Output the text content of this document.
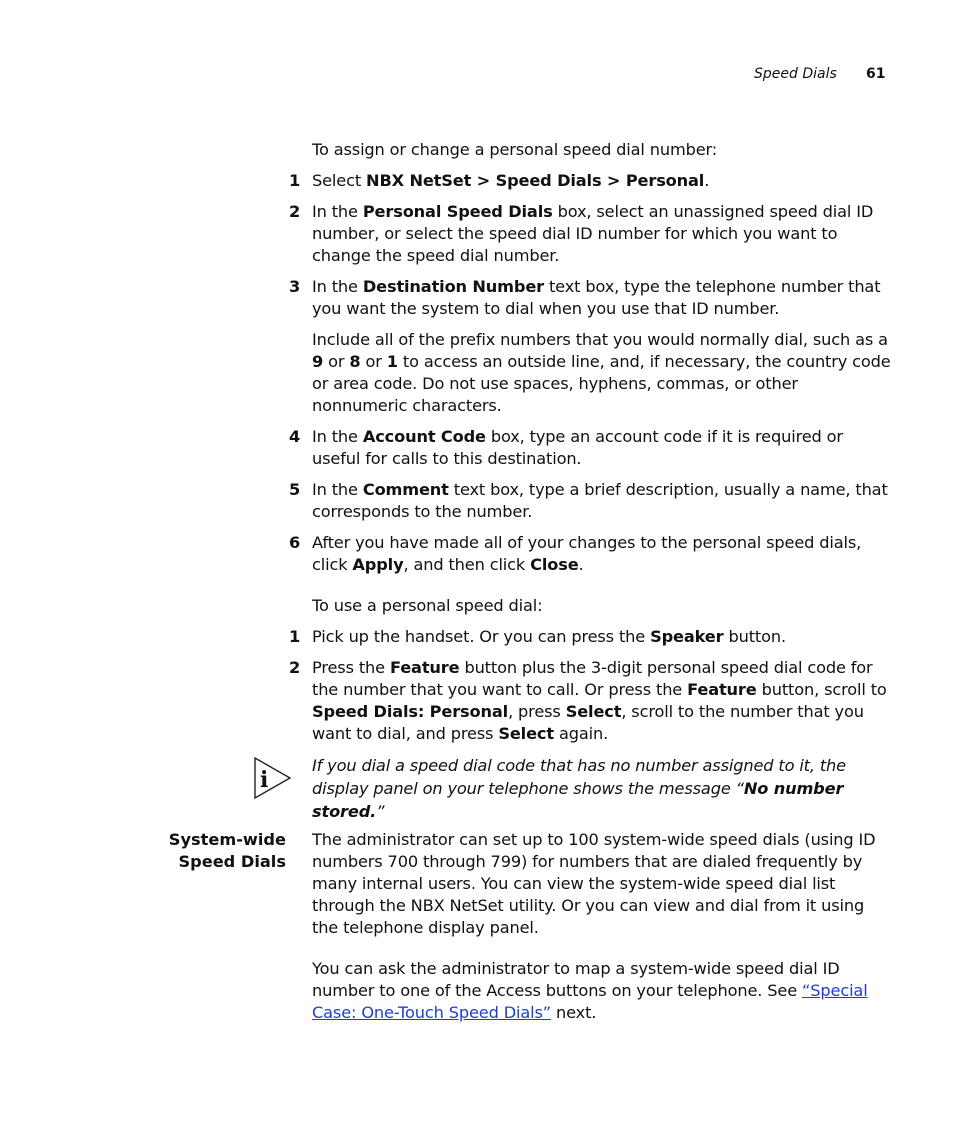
Speed Dials 61
To assign or change a personal speed dial number:
1 Select NBX NetSet > Speed Dials > Personal.
2 In the Personal Speed Dials box, select an unassigned speed dial ID number, or select the speed dial ID number for which you want to change the speed dial number.
3 In the Destination Number text box, type the telephone number that you want the system to dial when you use that ID number.
Include all of the prefix numbers that you would normally dial, such as a 9 or 8 or 1 to access an outside line, and, if necessary, the country code or area code. Do not use spaces, hyphens, commas, or other nonnumeric characters.
4 In the Account Code box, type an account code if it is required or useful for calls to this destination.
5 In the Comment text box, type a brief description, usually a name, that corresponds to the number.
6 After you have made all of your changes to the personal speed dials, click Apply, and then click Close.
To use a personal speed dial:
1 Pick up the handset. Or you can press the Speaker button.
2 Press the Feature button plus the 3-digit personal speed dial code for the number that you want to call. Or press the Feature button, scroll to Speed Dials: Personal, press Select, scroll to the number that you want to dial, and press Select again.
i
If you dial a speed dial code that has no number assigned to it, the display panel on your telephone shows the message “No number stored.”
System-wide
Speed Dials
The administrator can set up to 100 system-wide speed dials (using ID numbers 700 through 799) for numbers that are dialed frequently by many internal users. You can view the system-wide speed dial list through the NBX NetSet utility. Or you can view and dial from it using the telephone display panel.
You can ask the administrator to map a system-wide speed dial ID number to one of the Access buttons on your telephone. See “Special Case: One-Touch Speed Dials” next.
